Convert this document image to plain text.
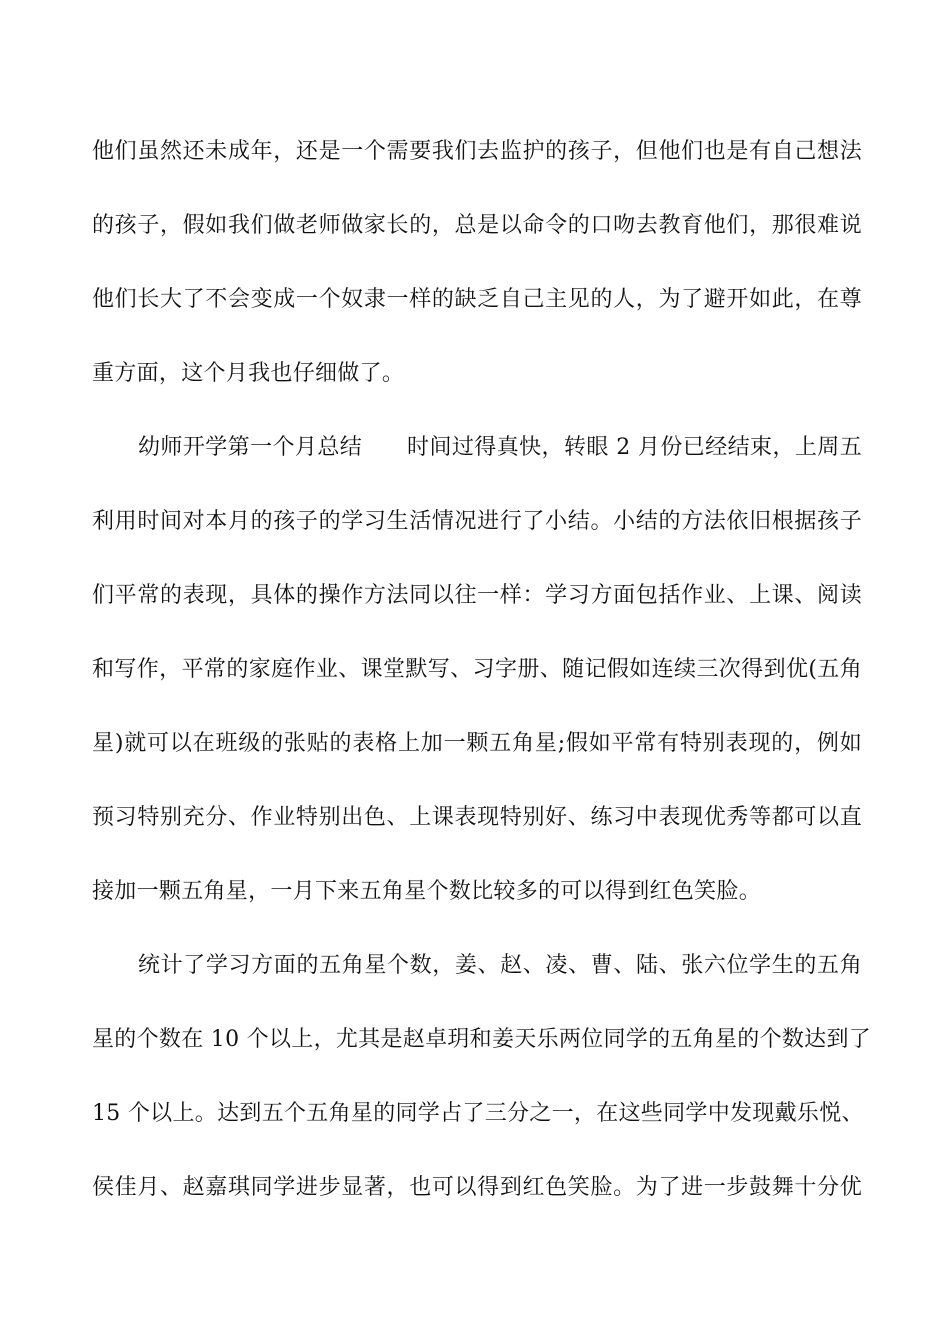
他们虽然还未成年，还是一个需要我们去监护的孩子，但他们也是有自己想法
的孩子，假如我们做老师做家长的，总是以命令的口吻去教育他们，那很难说
他们长大了不会变成一个奴隶一样的缺乏自己主见的人，为了避开如此，在尊
重方面，这个月我也仔细做了。
幼师开学第一个月总结　　时间过得真快，转眼 2 月份已经结束，上周五
利用时间对本月的孩子的学习生活情况进行了小结。小结的方法依旧根据孩子
们平常的表现，具体的操作方法同以往一样：学习方面包括作业、上课、阅读
和写作，平常的家庭作业、课堂默写、习字册、随记假如连续三次得到优(五角
星)就可以在班级的张贴的表格上加一颗五角星;假如平常有特别表现的，例如
预习特别充分、作业特别出色、上课表现特别好、练习中表现优秀等都可以直
接加一颗五角星，一月下来五角星个数比较多的可以得到红色笑脸。
统计了学习方面的五角星个数，姜、赵、凌、曹、陆、张六位学生的五角
星的个数在 10 个以上，尤其是赵卓玥和姜天乐两位同学的五角星的个数达到了
15 个以上。达到五个五角星的同学占了三分之一，在这些同学中发现戴乐悦、
侯佳月、赵嘉琪同学进步显著，也可以得到红色笑脸。为了进一步鼓舞十分优
